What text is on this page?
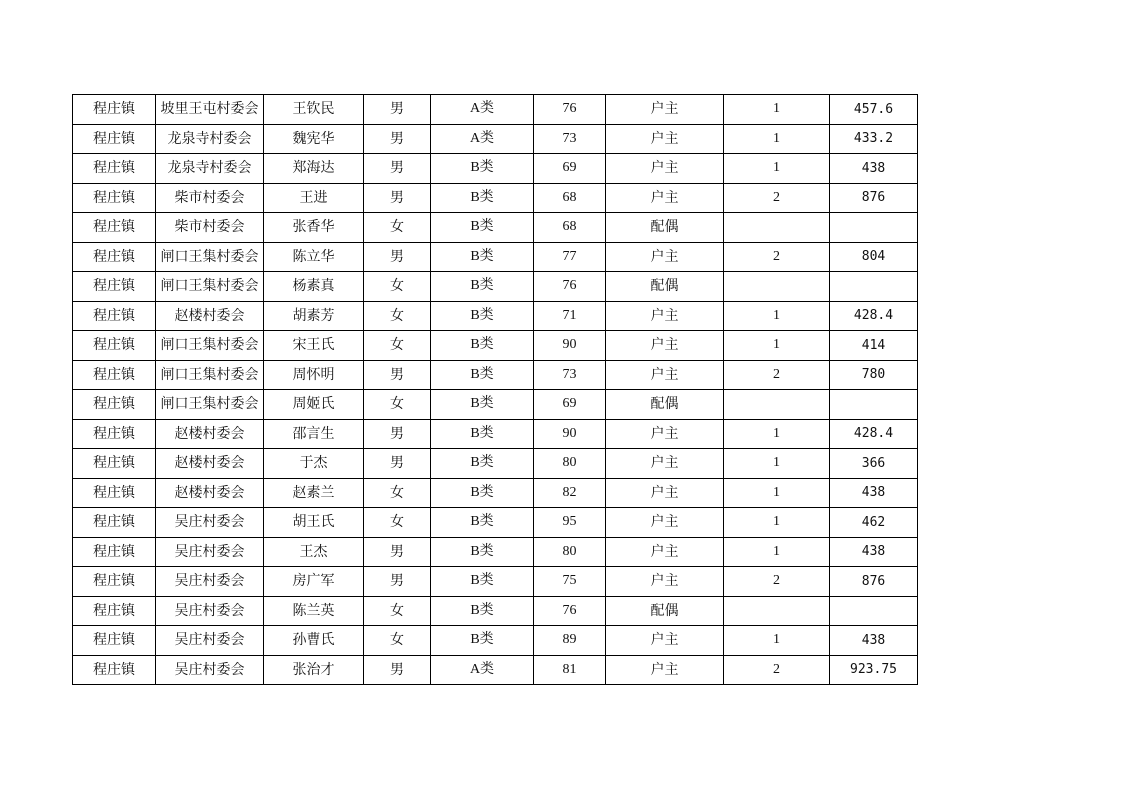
程庄镇	坡里王屯村委会	王钦民	男	A类	76	户主	1	457.6
程庄镇	龙泉寺村委会	魏宪华	男	A类	73	户主	1	433.2
程庄镇	龙泉寺村委会	郑海达	男	B类	69	户主	1	438
程庄镇	柴市村委会	王进	男	B类	68	户主	2	876
程庄镇	柴市村委会	张香华	女	B类	68	配偶		
程庄镇	闸口王集村委会	陈立华	男	B类	77	户主	2	804
程庄镇	闸口王集村委会	杨素真	女	B类	76	配偶		
程庄镇	赵楼村委会	胡素芳	女	B类	71	户主	1	428.4
程庄镇	闸口王集村委会	宋王氏	女	B类	90	户主	1	414
程庄镇	闸口王集村委会	周怀明	男	B类	73	户主	2	780
程庄镇	闸口王集村委会	周姬氏	女	B类	69	配偶		
程庄镇	赵楼村委会	邵言生	男	B类	90	户主	1	428.4
程庄镇	赵楼村委会	于杰	男	B类	80	户主	1	366
程庄镇	赵楼村委会	赵素兰	女	B类	82	户主	1	438
程庄镇	吴庄村委会	胡王氏	女	B类	95	户主	1	462
程庄镇	吴庄村委会	王杰	男	B类	80	户主	1	438
程庄镇	吴庄村委会	房广军	男	B类	75	户主	2	876
程庄镇	吴庄村委会	陈兰英	女	B类	76	配偶		
程庄镇	吴庄村委会	孙曹氏	女	B类	89	户主	1	438
程庄镇	吴庄村委会	张治才	男	A类	81	户主	2	923.75
